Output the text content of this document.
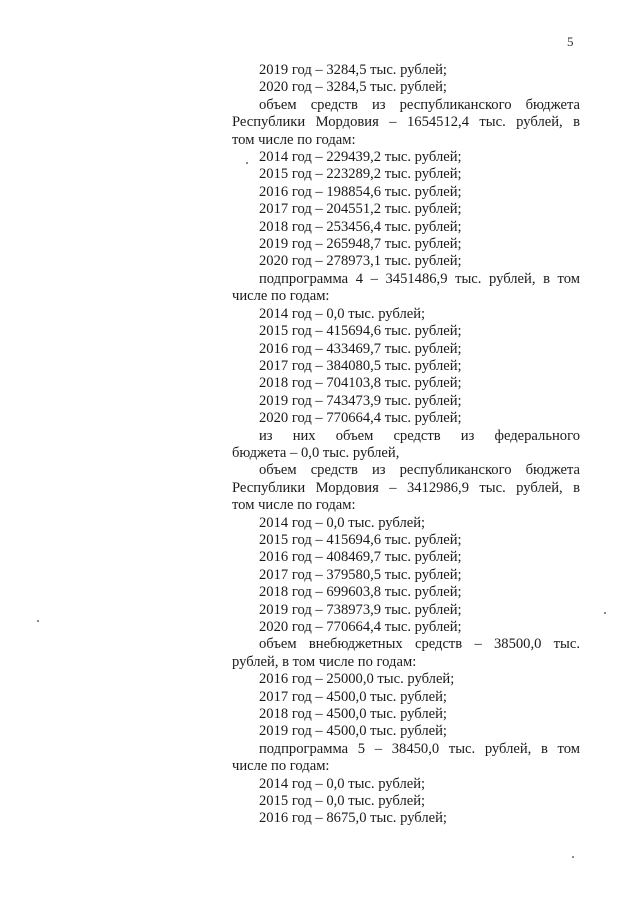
5
2019 год – 3284,5 тыс. рублей;
2020 год – 3284,5 тыс. рублей;
объем средств из республиканского бюджета
Республики Мордовия – 1654512,4 тыс. рублей, в
том числе по годам:
2014 год – 229439,2 тыс. рублей;
2015 год – 223289,2 тыс. рублей;
2016 год – 198854,6 тыс. рублей;
2017 год – 204551,2 тыс. рублей;
2018 год – 253456,4 тыс. рублей;
2019 год – 265948,7 тыс. рублей;
2020 год – 278973,1 тыс. рублей;
подпрограмма 4 – 3451486,9 тыс. рублей, в том
числе по годам:
2014 год – 0,0 тыс. рублей;
2015 год – 415694,6 тыс. рублей;
2016 год – 433469,7 тыс. рублей;
2017 год – 384080,5 тыс. рублей;
2018 год – 704103,8 тыс. рублей;
2019 год – 743473,9 тыс. рублей;
2020 год – 770664,4 тыс. рублей;
из них объем средств из федерального
бюджета – 0,0 тыс. рублей,
объем средств из республиканского бюджета
Республики Мордовия – 3412986,9 тыс. рублей, в
том числе по годам:
2014 год – 0,0 тыс. рублей;
2015 год – 415694,6 тыс. рублей;
2016 год – 408469,7 тыс. рублей;
2017 год – 379580,5 тыс. рублей;
2018 год – 699603,8 тыс. рублей;
2019 год – 738973,9 тыс. рублей;
2020 год – 770664,4 тыс. рублей;
объем внебюджетных средств – 38500,0 тыс.
рублей, в том числе по годам:
2016 год – 25000,0 тыс. рублей;
2017 год – 4500,0 тыс. рублей;
2018 год – 4500,0 тыс. рублей;
2019 год – 4500,0 тыс. рублей;
подпрограмма 5 – 38450,0 тыс. рублей, в том
числе по годам:
2014 год – 0,0 тыс. рублей;
2015 год – 0,0 тыс. рублей;
2016 год – 8675,0 тыс. рублей;
